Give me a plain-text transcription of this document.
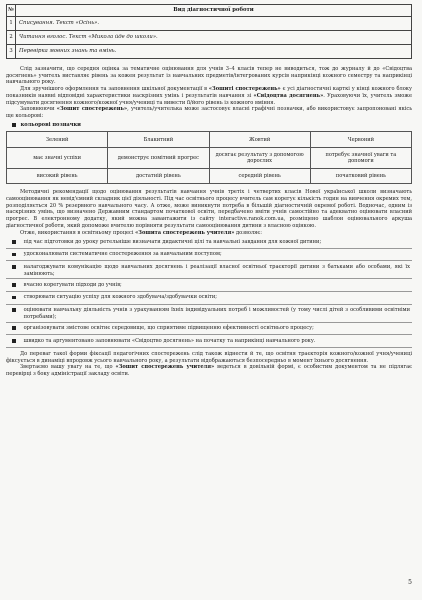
№	Вид діагностичної роботи
1	Списування. Текст «Осінь».
2	Читання вголос. Текст «Микола йде до школи».
3	Перевірка мовних знань та вмінь.

Слід зазначити, що середня оцінка за тематичне оцінювання для учнів 3–4 класів тепер не виводиться, тож до журналу й до «Свідоцтва досягнень» учитель виставляє рівень за кожен результат із навчальних предметів/інтегрованих курсів наприкінці кожного семестру та наприкінці навчального року.

Для зручнішого оформлення та заповнення шкільної документації в «Зошиті спостережень» є усі діагностичні карткі у кінці кожного блоку показників наявні відповідні характеристики наскрізних умінь і результатів навчання зі «Свідоцтва досягнень». Ураховуючи їх, учитель зможе підсумувати досягнення кожного/кожної учня/ученицi та вивести її/його рівень із кожного вміння.

Заповнюючи «Зошит спостережень», учитель/учителька може застосовує власні графічні позначки, або використовує запропоновані якісь ще кольорові:

кольорові позначки
Зелений	Блакитний	Жовтий	Червоний
має значні успіхи	демонструє помітний прогрес	досягає результату з допомогою дорослих	потребує значної уваги та допомоги
високий рівень	достатній рівень	середній рівень	початковий рівень

Методичні рекомендації щодо оцінювання результатів навчання учнів третіх і четвертих класів Нової української школи визначають самооцінювання як невід'ємний складник цієї діяльності. Під час освітнього процесу вчитель сам корегує кількість годин на вивчення окремих тем, розподіляється 20 % резервного навчального часу. А отже, може виникнути потреба в більшій діагностичній окремої роботі. Водночас, одним із наскрізних умінь, що визначено Державним стандартом початкової освіти, передбачено вміти учнів самостійно та адекватно оцінювати власний прогрес. В електронному додатку, який можна завантажити із сайту interactive.ranok.com.ua, розміщено шаблон оцінювального аркуша діагностичної роботи, який допоможе вчителю порівняти результати самооцінювання дитини з власною оцінкою.

Отже, використання в освітньому процесі «Зошита спостережень учителя» дозволяє:

під час підготовки до уроку ретельніше визначати дидактичні цілі та навчальні завдання для кожної дитини;
удосконалювати систематичне спостереження за навчальним поступом;
налагоджувати комунікацію щодо навчальних досягнень і реалізації власної освітньої траєкторії дитини з батьками або особами, які їх замінюють;
вчасно корегувати підходи до учнів;
створювати ситуацію успіху для кожного здобувача/здобувачки освіти;
оцінювати навчальну діяльність учнів з урахуванням їхніх індивідуальних потреб і можливостей (у тому числі дітей з особливими освітніми потребами);
організовувати змістове освітнє середовище, що сприятиме підвищенню ефективності освітнього процесу;
швидко та аргументовано заповнювати «Свідоцтво досягнень» на початку та наприкінці навчального року.

До переваг такої форми фіксації педагогічних спостережень слід також віднести й те, що освітня траєкторія кожного/кожної учня/учениці фіксується в динаміці впродовж усього навчального року, а результати відображаються безпосередньо в момент їхнього досягнення.

Звертаємо вашу увагу на те, що «Зошит спостережень учителя» ведеться в довільній формі, є особистим документом та не підлягає перевірці з боку адміністрації закладу освіти.

5
